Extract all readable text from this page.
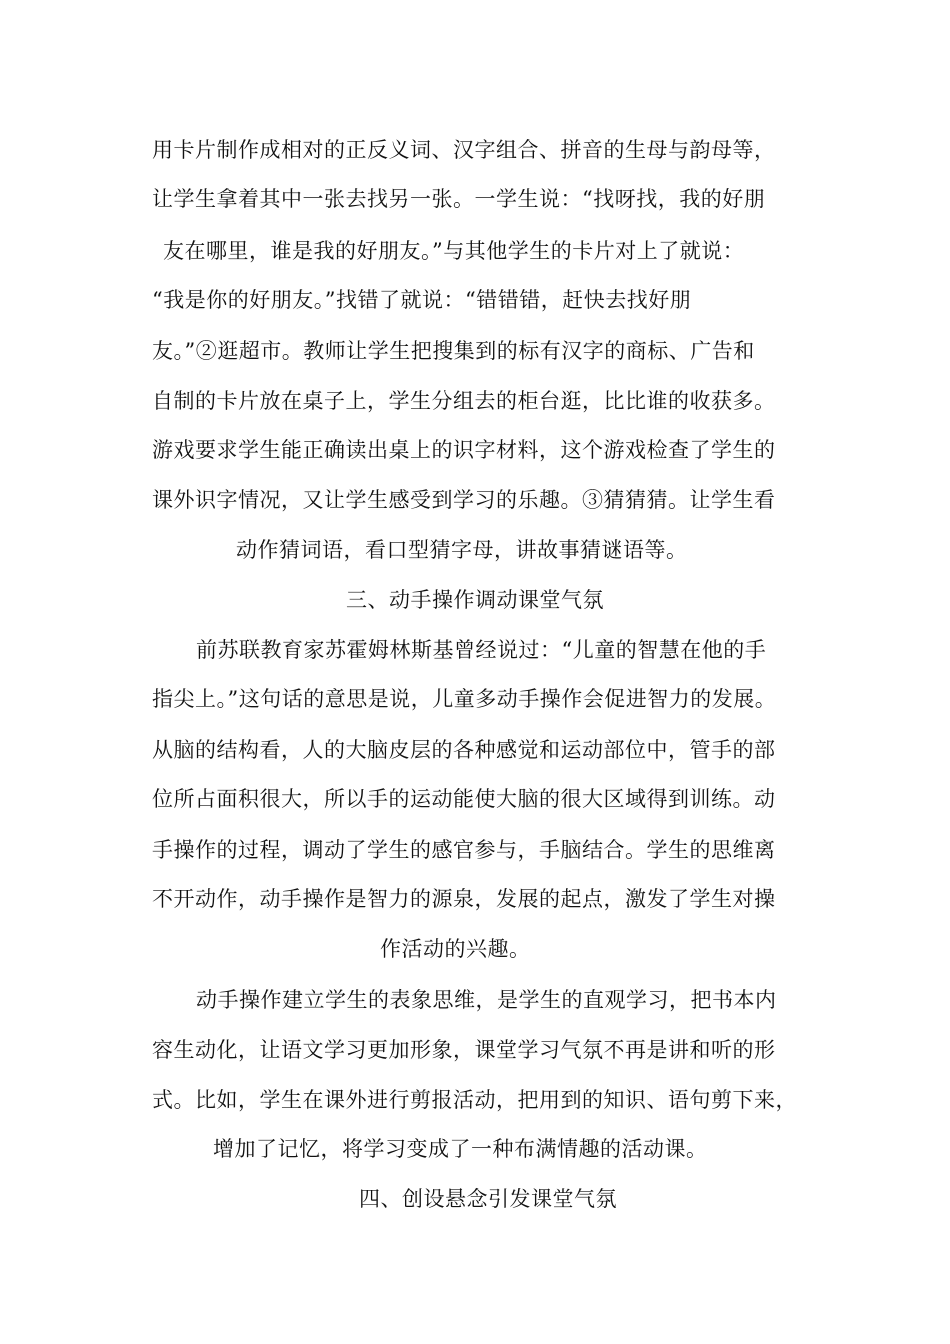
用卡片制作成相对的正反义词、汉字组合、拼音的生母与韵母等，
让学生拿着其中一张去找另一张。一学生说：“找呀找，我的好朋
友在哪里，谁是我的好朋友。”与其他学生的卡片对上了就说：
“我是你的好朋友。”找错了就说：“错错错，赶快去找好朋
友。”②逛超市。教师让学生把搜集到的标有汉字的商标、广告和
自制的卡片放在桌子上，学生分组去的柜台逛，比比谁的收获多。
游戏要求学生能正确读出桌上的识字材料，这个游戏检查了学生的
课外识字情况，又让学生感受到学习的乐趣。③猜猜猜。让学生看
动作猜词语，看口型猜字母，讲故事猜谜语等。
三、动手操作调动课堂气氛
前苏联教育家苏霍姆林斯基曾经说过：“儿童的智慧在他的手
指尖上。”这句话的意思是说，儿童多动手操作会促进智力的发展。
从脑的结构看，人的大脑皮层的各种感觉和运动部位中，管手的部
位所占面积很大，所以手的运动能使大脑的很大区域得到训练。动
手操作的过程，调动了学生的感官参与，手脑结合。学生的思维离
不开动作，动手操作是智力的源泉，发展的起点，激发了学生对操
作活动的兴趣。
动手操作建立学生的表象思维，是学生的直观学习，把书本内
容生动化，让语文学习更加形象，课堂学习气氛不再是讲和听的形
式。比如，学生在课外进行剪报活动，把用到的知识、语句剪下来，
增加了记忆，将学习变成了一种布满情趣的活动课。
四、创设悬念引发课堂气氛
